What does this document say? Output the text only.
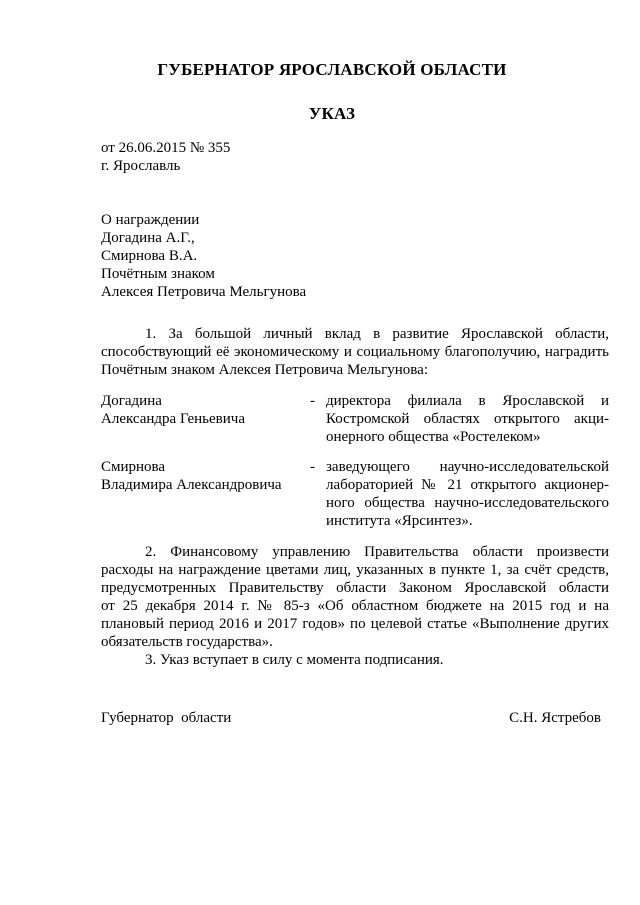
ГУБЕРНАТОР ЯРОСЛАВСКОЙ ОБЛАСТИ
УКАЗ
от 26.06.2015 № 355
г. Ярославль
О награждении
Догадина А.Г.,
Смирнова В.А.
Почётным знаком
Алексея Петровича Мельгунова
1. За большой личный вклад в развитие Ярославской области,
способствующий её экономическому и социальному благополучию, наградить
Почётным знаком Алексея Петровича Мельгунова:
Догадина
Александра Геньевича
- директора филиала в Ярославской и
Костромской областях открытого акци-
онерного общества «Ростелеком»
Смирнова
Владимира Александровича
- заведующего научно-исследовательской
лабораторией № 21 открытого акционер-
ного общества научно-исследовательского
института «Ярсинтез».
2. Финансовому управлению Правительства области произвести
расходы на награждение цветами лиц, указанных в пункте 1, за счёт средств,
предусмотренных Правительству области Законом Ярославской области
от 25 декабря 2014 г. № 85-з «Об областном бюджете на 2015 год и на
плановый период 2016 и 2017 годов» по целевой статье «Выполнение других
обязательств государства».
3. Указ вступает в силу с момента подписания.
Губернатор  области	С.Н. Ястребов
